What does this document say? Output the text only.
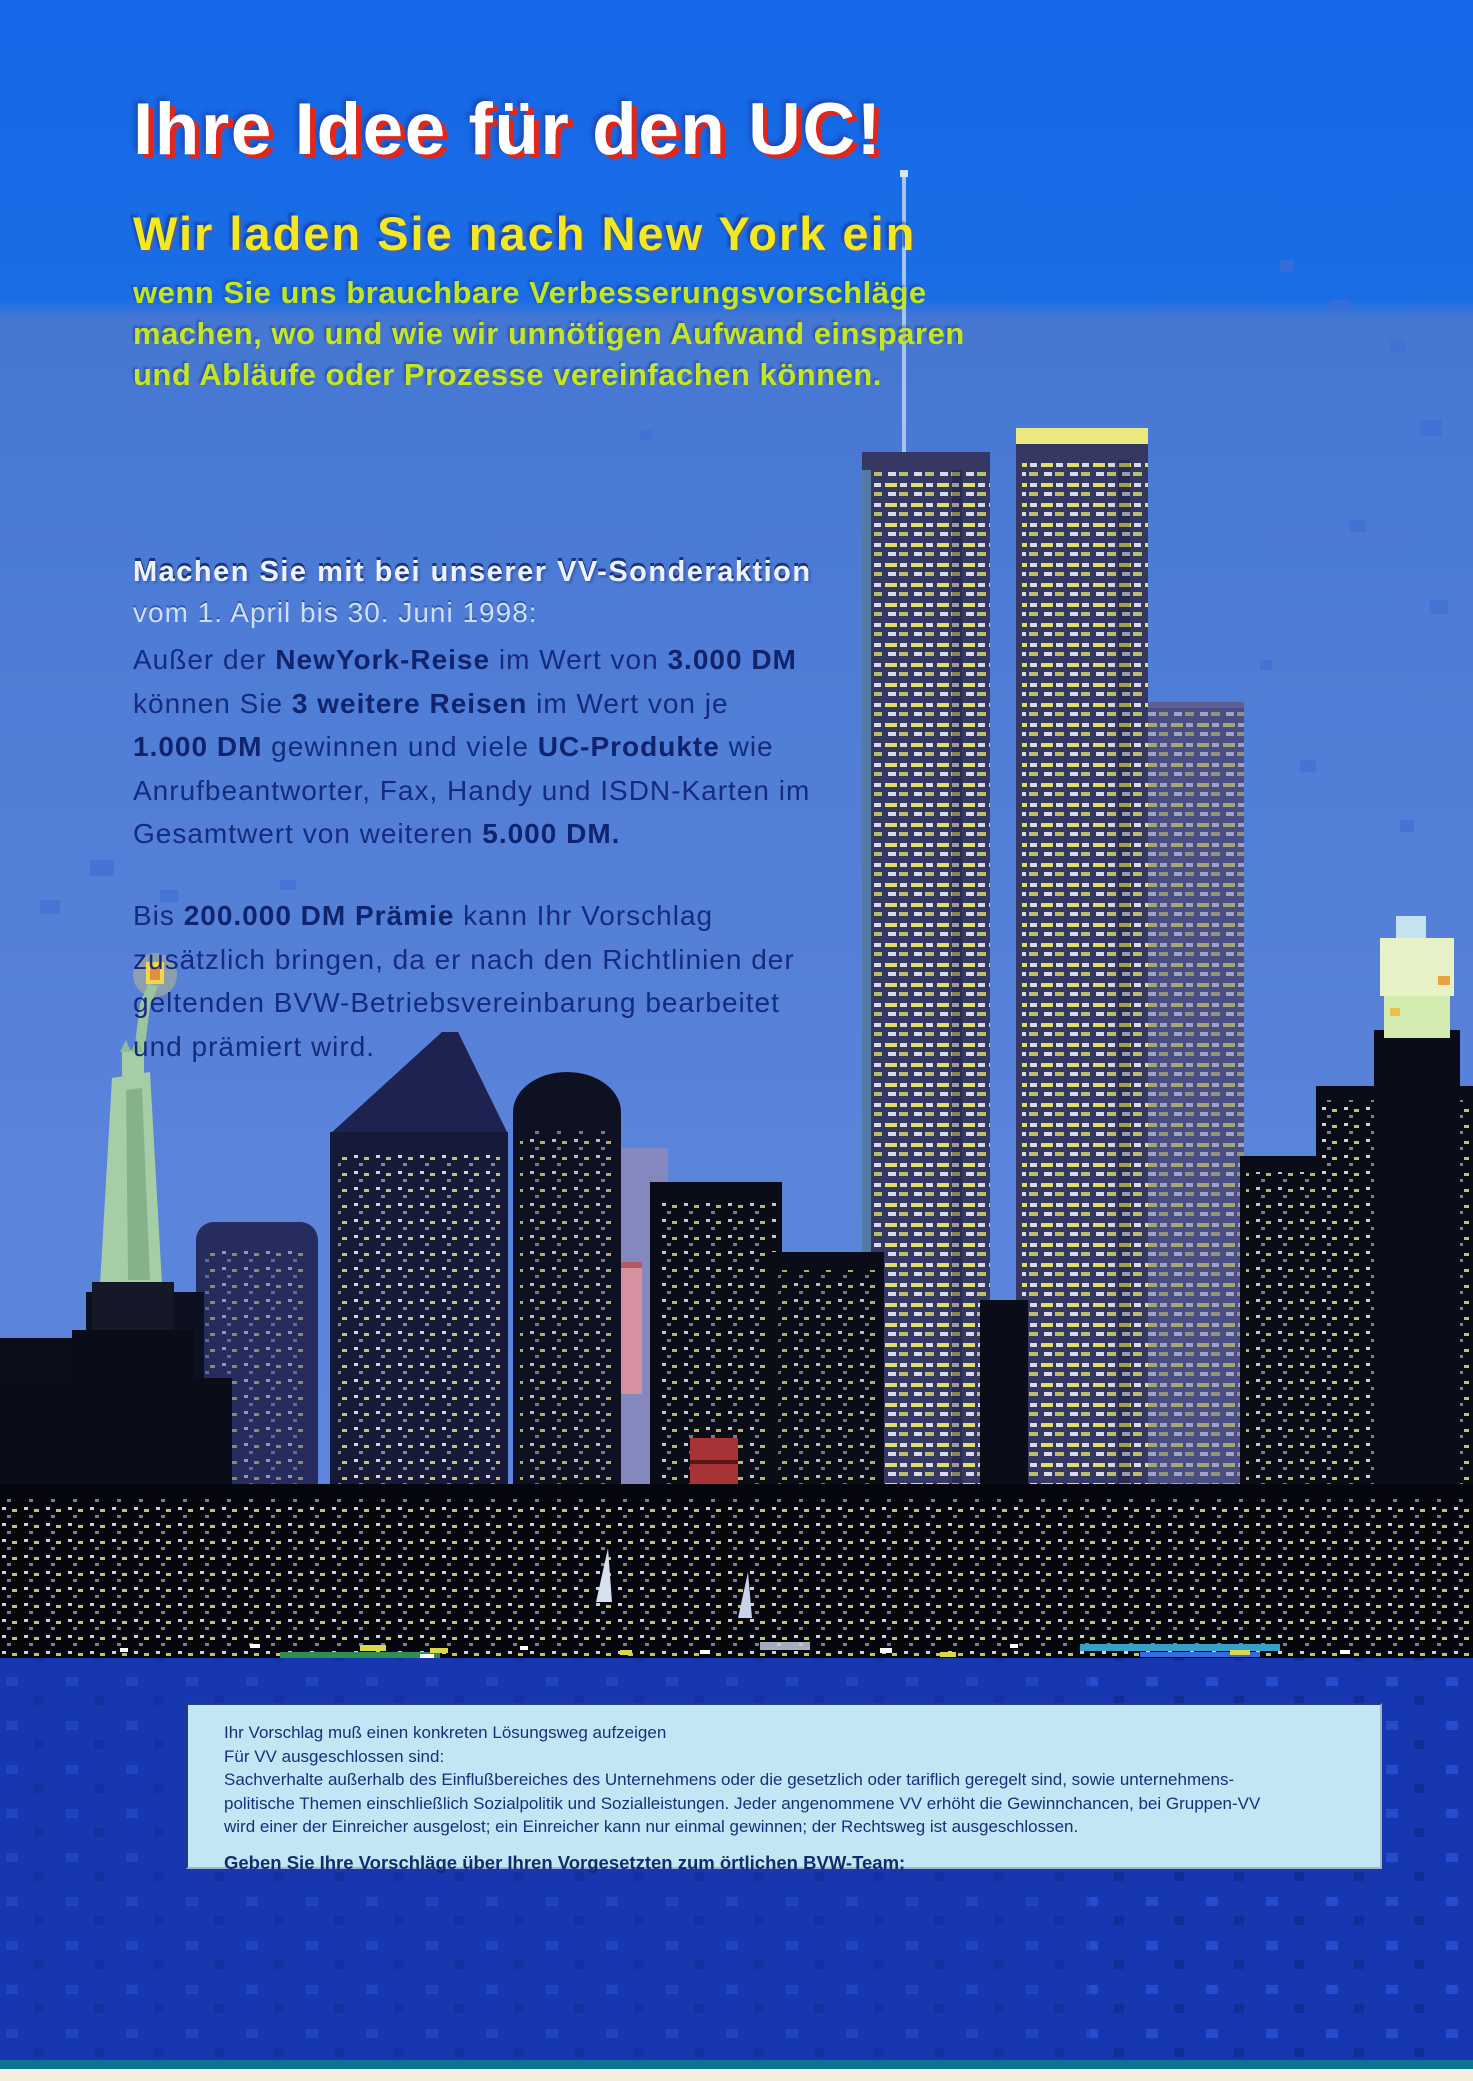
Ihre Idee für den UC!
Wir laden Sie nach New York ein
wenn Sie uns brauchbare Verbesserungsvorschläge
machen, wo und wie wir unnötigen Aufwand einsparen
und Abläufe oder Prozesse vereinfachen können.
Machen Sie mit bei unserer VV-Sonderaktion
vom 1. April bis 30. Juni 1998:
Außer der NewYork-Reise im Wert von 3.000 DM
können Sie 3 weitere Reisen im Wert von je
1.000 DM gewinnen und viele UC-Produkte wie
Anrufbeantworter, Fax, Handy und ISDN-Karten im
Gesamtwert von weiteren 5.000 DM.
Bis 200.000 DM Prämie kann Ihr Vorschlag
zusätzlich bringen, da er nach den Richtlinien der
geltenden BVW-Betriebsvereinbarung bearbeitet
und prämiert wird.
Ihr Vorschlag muß einen konkreten Lösungsweg aufzeigen
Für VV ausgeschlossen sind:
Sachverhalte außerhalb des Einflußbereiches des Unternehmens oder die gesetzlich oder tariflich geregelt sind, sowie unternehmens-
politische Themen einschließlich Sozialpolitik und Sozialleistungen. Jeder angenommene VV erhöht die Gewinnchancen, bei Gruppen-VV
wird einer der Einreicher ausgelost; ein Einreicher kann nur einmal gewinnen; der Rechtsweg ist ausgeschlossen.
Geben Sie Ihre Vorschläge über Ihren Vorgesetzten zum örtlichen BVW-Team:
